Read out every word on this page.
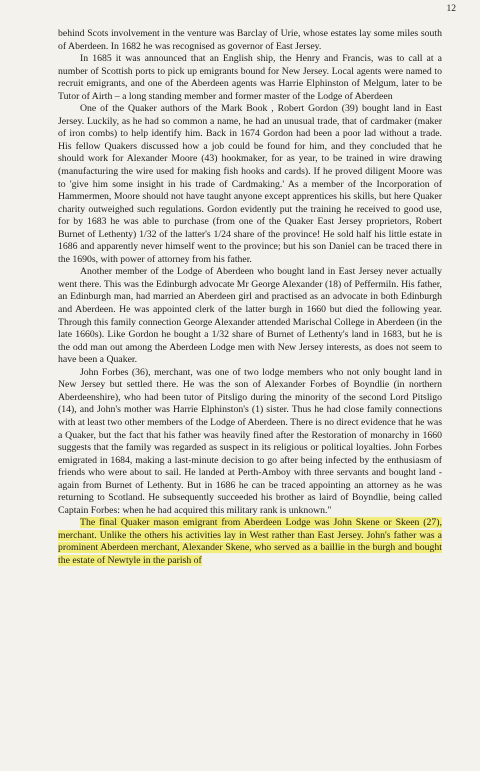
12

behind Scots involvement in the venture was Barclay of Urie, whose estates lay some miles south of Aberdeen. In 1682 he was recognised as governor of East Jersey.

In 1685 it was announced that an English ship, the Henry and Francis, was to call at a number of Scottish ports to pick up emigrants bound for New Jersey. Local agents were named to recruit emigrants, and one of the Aberdeen agents was Harrie Elphinston of Melgum, later to be Tutor of Airth – a long standing member and former master of the Lodge of Aberdeen

One of the Quaker authors of the Mark Book , Robert Gordon (39) bought land in East Jersey. Luckily, as he had so common a name, he had an unusual trade, that of cardmaker (maker of iron combs) to help identify him. Back in 1674 Gordon had been a poor lad without a trade. His fellow Quakers discussed how a job could be found for him, and they concluded that he should work for Alexander Moore (43) hookmaker, for as year, to be trained in wire drawing (manufacturing the wire used for making fish hooks and cards). If he proved diligent Moore was to 'give him some insight in his trade of Cardmaking.' As a member of the Incorporation of Hammermen, Moore should not have taught anyone except apprentices his skills, but here Quaker charity outweighed such regulations. Gordon evidently put the training he received to good use, for by 1683 he was able to purchase (from one of the Quaker East Jersey proprietors, Robert Burnet of Lethenty) 1/32 of the latter's 1/24 share of the province! He sold half his little estate in 1686 and apparently never himself went to the province; but his son Daniel can be traced there in the 1690s, with power of attorney from his father.

Another member of the Lodge of Aberdeen who bought land in East Jersey never actually went there. This was the Edinburgh advocate Mr George Alexander (18) of Peffermiln. His father, an Edinburgh man, had married an Aberdeen girl and practised as an advocate in both Edinburgh and Aberdeen. He was appointed clerk of the latter burgh in 1660 but died the following year. Through this family connection George Alexander attended Marischal College in Aberdeen (in the late 1660s). Like Gordon he bought a 1/32 share of Burnet of Lethenty's land in 1683, but he is the odd man out among the Aberdeen Lodge men with New Jersey interests, as does not seem to have been a Quaker.

John Forbes (36), merchant, was one of two lodge members who not only bought land in New Jersey but settled there. He was the son of Alexander Forbes of Boyndlie (in northern Aberdeenshire), who had been tutor of Pitsligo during the minority of the second Lord Pitsligo (14), and John's mother was Harrie Elphinston's (1) sister. Thus he had close family connections with at least two other members of the Lodge of Aberdeen. There is no direct evidence that he was a Quaker, but the fact that his father was heavily fined after the Restoration of monarchy in 1660 suggests that the family was regarded as suspect in its religious or political loyalties. John Forbes emigrated in 1684, making a last-minute decision to go after being infected by the enthusiasm of friends who were about to sail. He landed at Perth-Amboy with three servants and bought land - again from Burnet of Lethenty. But in 1686 he can be traced appointing an attorney as he was returning to Scotland. He subsequently succeeded his brother as laird of Boyndlie, being called Captain Forbes: when he had acquired this military rank is unknown."

The final Quaker mason emigrant from Aberdeen Lodge was John Skene or Skeen (27), merchant. Unlike the others his activities lay in West rather than East Jersey. John's father was a prominent Aberdeen merchant, Alexander Skene, who served as a baillie in the burgh and bought the estate of Newtyle in the parish of
